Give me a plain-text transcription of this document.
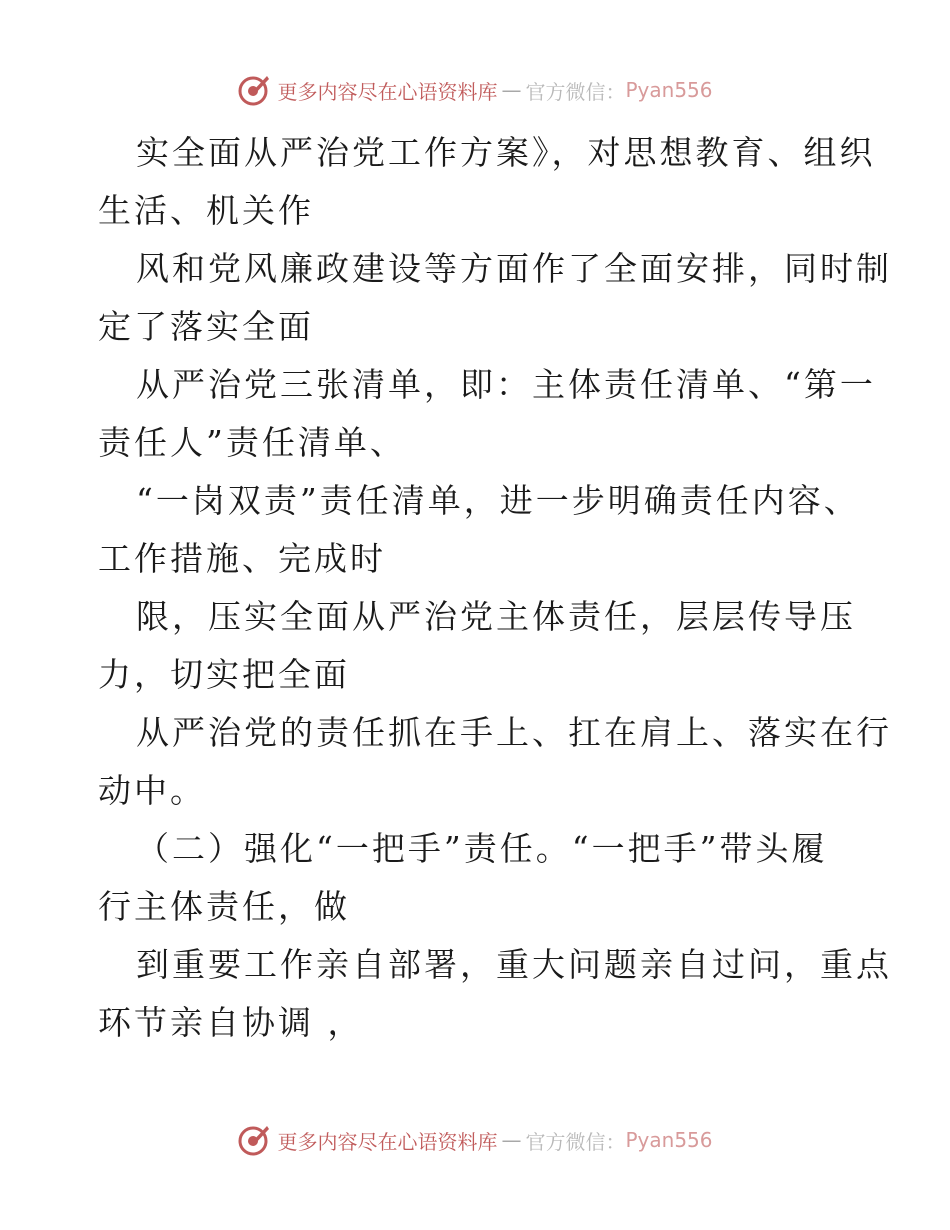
更多内容尽在心语资料库 — 官方微信： Pyan556

实全面从严治党工作方案》，对思想教育、组织

生活、机关作

风和党风廉政建设等方面作了全面安排，同时制

定了落实全面

从严治党三张清单，即：主体责任清单、“第一

责任人”责任清单、

“一岗双责”责任清单，进一步明确责任内容、

工作措施、完成时

限，压实全面从严治党主体责任，层层传导压

力，切实把全面

从严治党的责任抓在手上、扛在肩上、落实在行

动中。

（二）强化“一把手”责任。“一把手”带头履

行主体责任，做

到重要工作亲自部署，重大问题亲自过问，重点

环节亲自协调 ，

更多内容尽在心语资料库 — 官方微信： Pyan556
